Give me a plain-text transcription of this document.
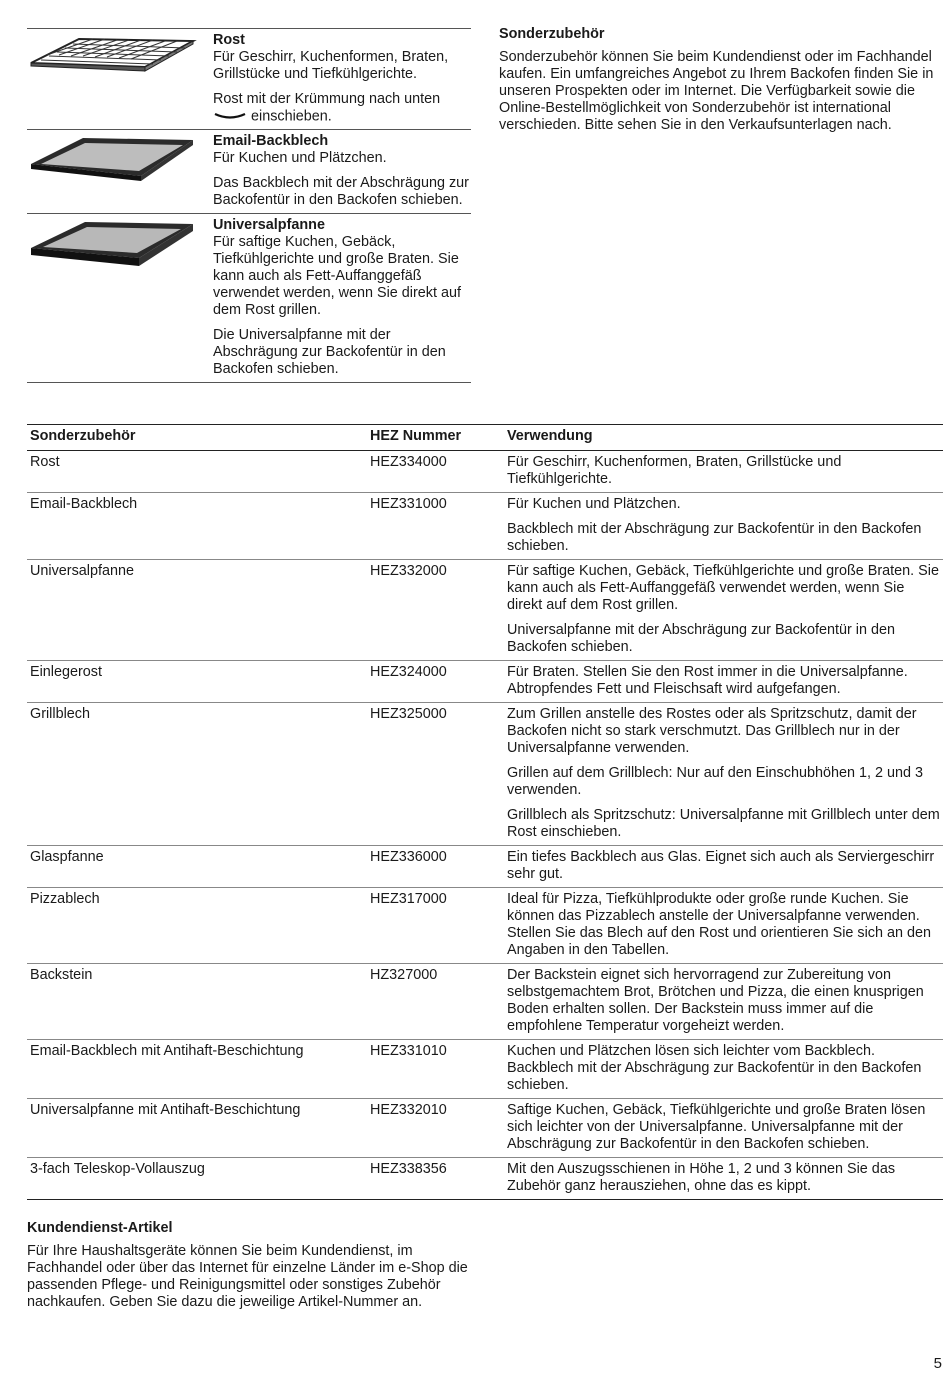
Rost

Für Geschirr, Kuchenformen, Braten, Grillstücke und Tiefkühlgerichte.

Rost mit der Krümmung nach unten
einschieben.

Email-Backblech

Für Kuchen und Plätzchen.

Das Backblech mit der Abschrägung zur Backofentür in den Backofen schieben.

Universalpfanne

Für saftige Kuchen, Gebäck, Tiefkühlgerichte und große Braten. Sie kann auch als Fett-Auffanggefäß verwendet werden, wenn Sie direkt auf dem Rost grillen.

Die Universalpfanne mit der Abschrägung zur Backofentür in den Backofen schieben.

Sonderzubehör

Sonderzubehör können Sie beim Kundendienst oder im Fachhandel kaufen. Ein umfangreiches Angebot zu Ihrem Backofen finden Sie in unseren Prospekten oder im Internet. Die Verfügbarkeit sowie die Online-Bestellmöglichkeit von Sonderzubehör ist international verschieden. Bitte sehen Sie in den Verkaufsunterlagen nach.

Sonderzubehör	HEZ Nummer	Verwendung
Rost	HEZ334000	Für Geschirr, Kuchenformen, Braten, Grillstücke und Tiefkühlgerichte.

Email-Backblech	HEZ331000	Für Kuchen und Plätzchen.

Backblech mit der Abschrägung zur Backofentür in den Backofen schieben.

Universalpfanne	HEZ332000	Für saftige Kuchen, Gebäck, Tiefkühlgerichte und große Braten. Sie kann auch als Fett-Auffanggefäß verwendet werden, wenn Sie direkt auf dem Rost grillen.

Universalpfanne mit der Abschrägung zur Backofentür in den Backofen schieben.

Einlegerost	HEZ324000	Für Braten. Stellen Sie den Rost immer in die Universalpfanne. Abtropfendes Fett und Fleischsaft wird aufgefangen.

Grillblech	HEZ325000	Zum Grillen anstelle des Rostes oder als Spritzschutz, damit der Backofen nicht so stark verschmutzt. Das Grillblech nur in der Universalpfanne verwenden.

Grillen auf dem Grillblech: Nur auf den Einschubhöhen 1, 2 und 3 verwenden.

Grillblech als Spritzschutz: Universalpfanne mit Grillblech unter dem Rost einschieben.

Glaspfanne	HEZ336000	Ein tiefes Backblech aus Glas. Eignet sich auch als Serviergeschirr sehr gut.

Pizzablech	HEZ317000	Ideal für Pizza, Tiefkühlprodukte oder große runde Kuchen. Sie können das Pizzablech anstelle der Universalpfanne verwenden. Stellen Sie das Blech auf den Rost und orientieren Sie sich an den Angaben in den Tabellen.

Backstein	HZ327000	Der Backstein eignet sich hervorragend zur Zubereitung von selbstgemachtem Brot, Brötchen und Pizza, die einen knusprigen Boden erhalten sollen. Der Backstein muss immer auf die empfohlene Temperatur vorgeheizt werden.

Email-Backblech mit Antihaft-Beschichtung	HEZ331010	Kuchen und Plätzchen lösen sich leichter vom Backblech. Backblech mit der Abschrägung zur Backofentür in den Backofen schieben.

Universalpfanne mit Antihaft-Beschichtung	HEZ332010	Saftige Kuchen, Gebäck, Tiefkühlgerichte und große Braten lösen sich leichter von der Universalpfanne. Universalpfanne mit der Abschrägung zur Backofentür in den Backofen schieben.

3-fach Teleskop-Vollauszug	HEZ338356	Mit den Auszugsschienen in Höhe 1, 2 und 3 können Sie das Zubehör ganz herausziehen, ohne das es kippt.

Kundendienst-Artikel

Für Ihre Haushaltsgeräte können Sie beim Kundendienst, im Fachhandel oder über das Internet für einzelne Länder im e-Shop die passenden Pflege- und Reinigungsmittel oder sonstiges Zubehör nachkaufen. Geben Sie dazu die jeweilige Artikel-Nummer an.

5
